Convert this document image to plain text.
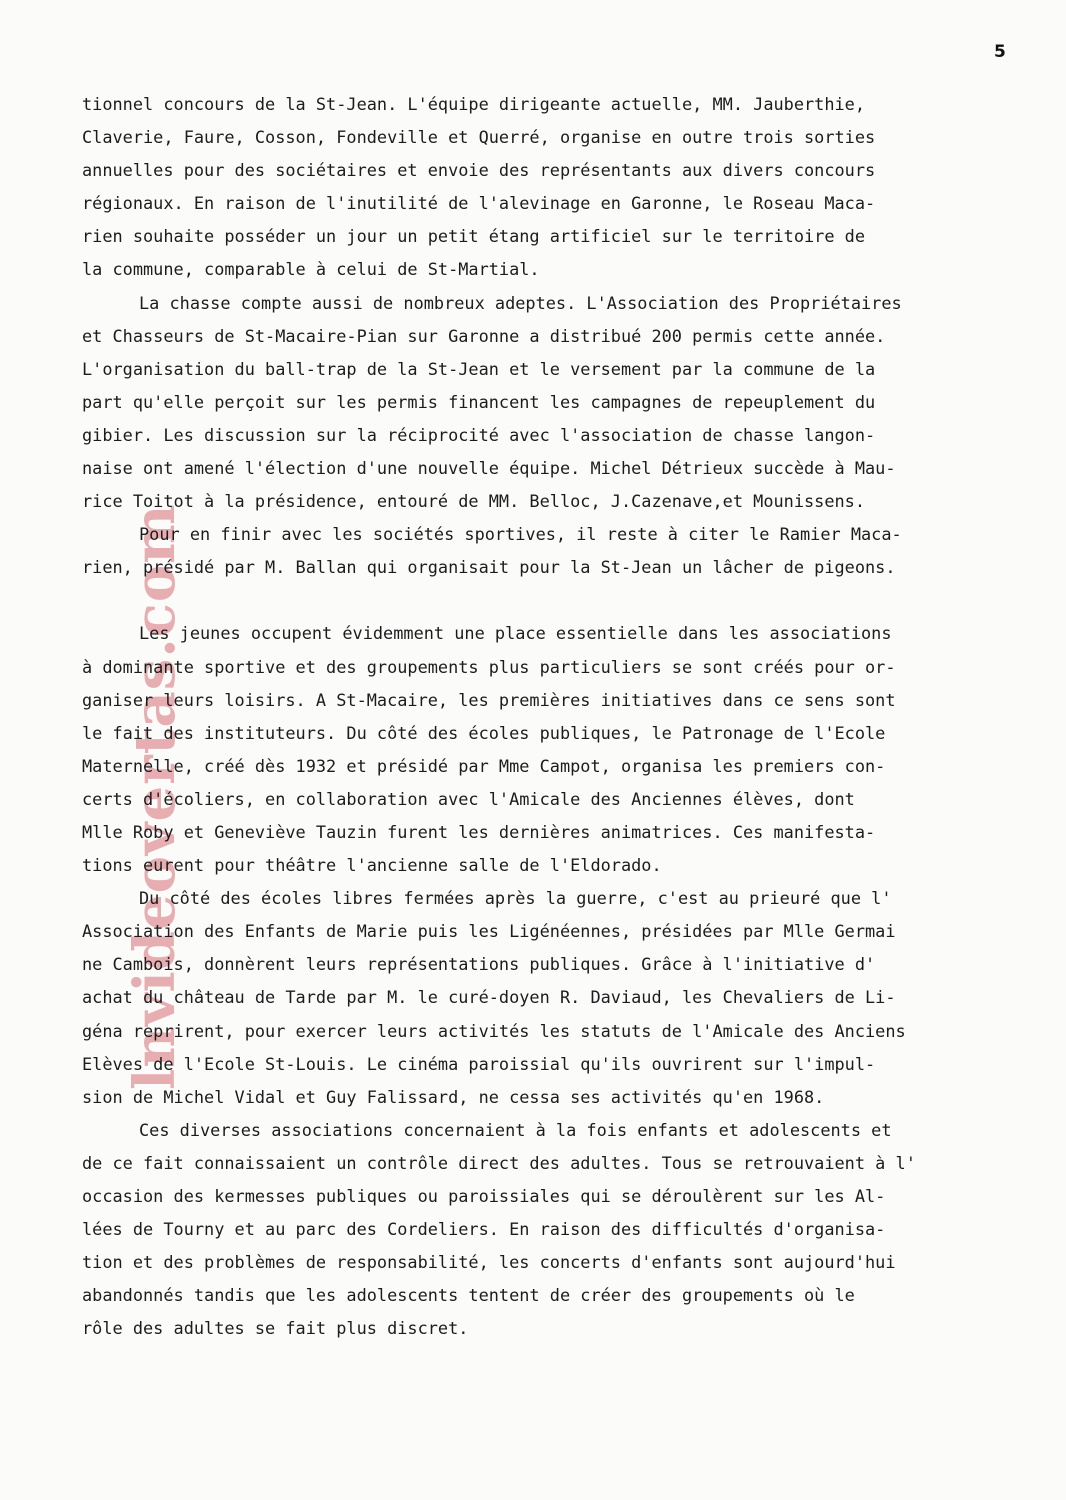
5
lnvideovertas.com
tionnel concours de la St-Jean. L'équipe dirigeante actuelle, MM. Jauberthie,
Claverie, Faure, Cosson, Fondeville et Querré, organise en outre trois sorties
annuelles pour des sociétaires et envoie des représentants aux divers concours
régionaux. En raison de l'inutilité de l'alevinage en Garonne, le Roseau Maca-
rien souhaite posséder un jour un petit étang artificiel sur le territoire de
la commune, comparable à celui de St-Martial.
La chasse compte aussi de nombreux adeptes. L'Association des Propriétaires
et Chasseurs de St-Macaire-Pian sur Garonne a distribué 200 permis cette année.
L'organisation du ball-trap de la St-Jean et le versement par la commune de la
part qu'elle perçoit sur les permis financent les campagnes de repeuplement du
gibier. Les discussion sur la réciprocité avec l'association de chasse langon-
naise ont amené l'élection d'une nouvelle équipe. Michel Détrieux succède à Mau-
rice Toitot à la présidence, entouré de MM. Belloc, J.Cazenave,et Mounissens.
Pour en finir avec les sociétés sportives, il reste à citer le Ramier Maca-
rien, présidé par M. Ballan qui organisait pour la St-Jean un lâcher de pigeons.
Les jeunes occupent évidemment une place essentielle dans les associations
à dominante sportive et des groupements plus particuliers se sont créés pour or-
ganiser leurs loisirs. A St-Macaire, les premières initiatives dans ce sens sont
le fait des instituteurs. Du côté des écoles publiques, le Patronage de l'Ecole
Maternelle, créé dès 1932 et présidé par Mme Campot, organisa les premiers con-
certs d'écoliers, en collaboration avec l'Amicale des Anciennes élèves, dont
Mlle Roby et Geneviève Tauzin furent les dernières animatrices. Ces manifesta-
tions eurent pour théâtre l'ancienne salle de l'Eldorado.
Du côté des écoles libres fermées après la guerre, c'est au prieuré que l'
Association des Enfants de Marie puis les Ligénéennes, présidées par Mlle Germai
ne Cambois, donnèrent leurs représentations publiques. Grâce à l'initiative d'
achat du château de Tarde par M. le curé-doyen R. Daviaud, les Chevaliers de Li-
géna reprirent, pour exercer leurs activités les statuts de l'Amicale des Anciens
Elèves de l'Ecole St-Louis. Le cinéma paroissial qu'ils ouvrirent sur l'impul-
sion de Michel Vidal et Guy Falissard, ne cessa ses activités qu'en 1968.
Ces diverses associations concernaient à la fois enfants et adolescents et
de ce fait connaissaient un contrôle direct des adultes. Tous se retrouvaient à l'
occasion des kermesses publiques ou paroissiales qui se déroulèrent sur les Al-
lées de Tourny et au parc des Cordeliers. En raison des difficultés d'organisa-
tion et des problèmes de responsabilité, les concerts d'enfants sont aujourd'hui
abandonnés tandis que les adolescents tentent de créer des groupements où le
rôle des adultes se fait plus discret.
